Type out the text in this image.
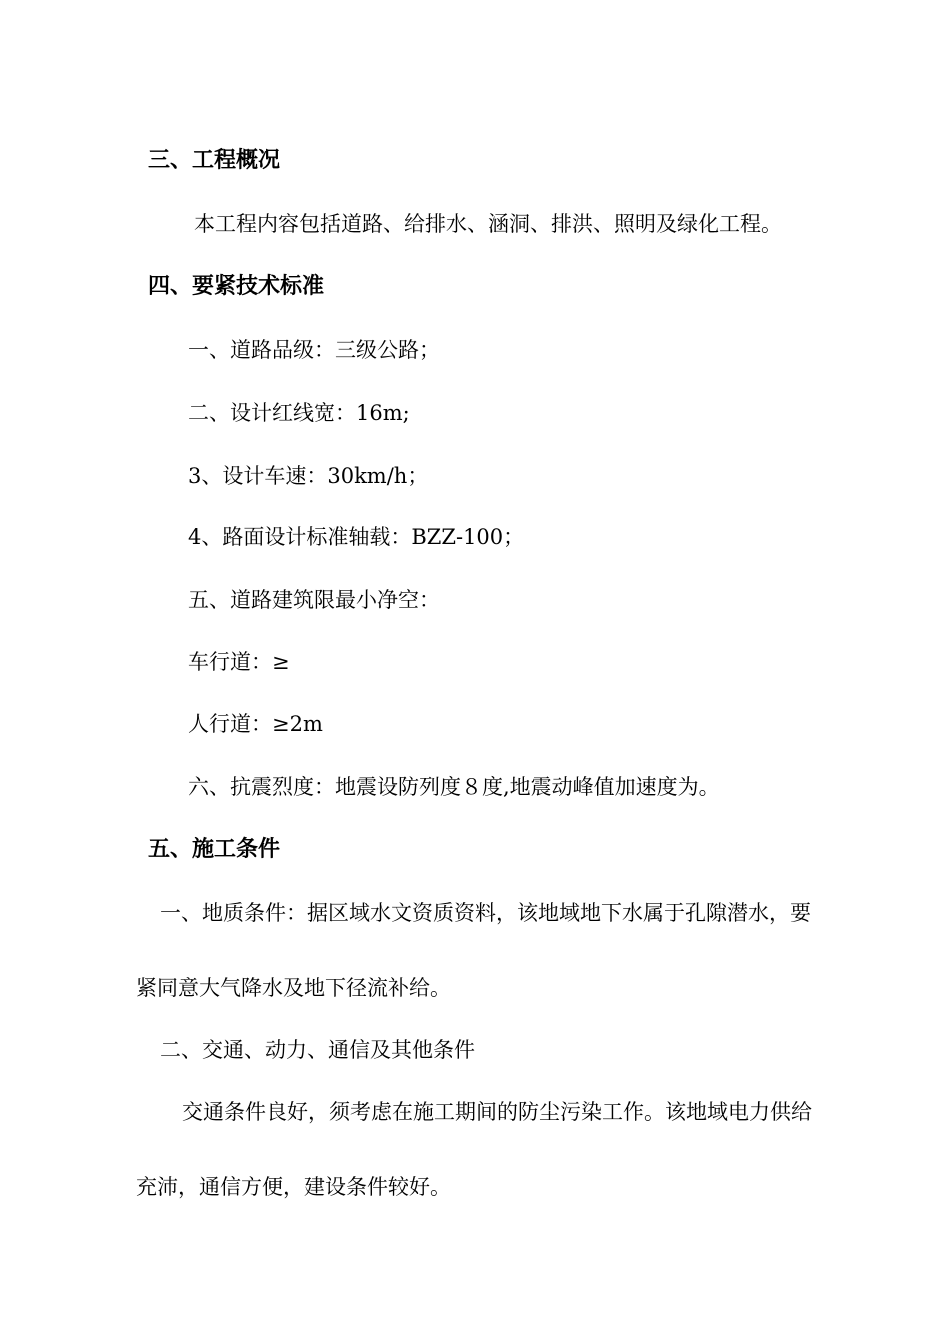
三、工程概况

本工程内容包括道路、给排水、涵洞、排洪、照明及绿化工程。

四、要紧技术标准

一、道路品级：三级公路；

二、设计红线宽：16m;

3、设计车速：30km/h；

4、路面设计标准轴载：BZZ-100；

五、道路建筑限最小净空：

车行道：≥

人行道：≥2m

六、抗震烈度：地震设防列度８度,地震动峰值加速度为。

五、施工条件

一、地质条件：据区域水文资质资料，该地域地下水属于孔隙潜水，要

紧同意大气降水及地下径流补给。

二、交通、动力、通信及其他条件

交通条件良好，须考虑在施工期间的防尘污染工作。该地域电力供给

充沛，通信方便，建设条件较好。
